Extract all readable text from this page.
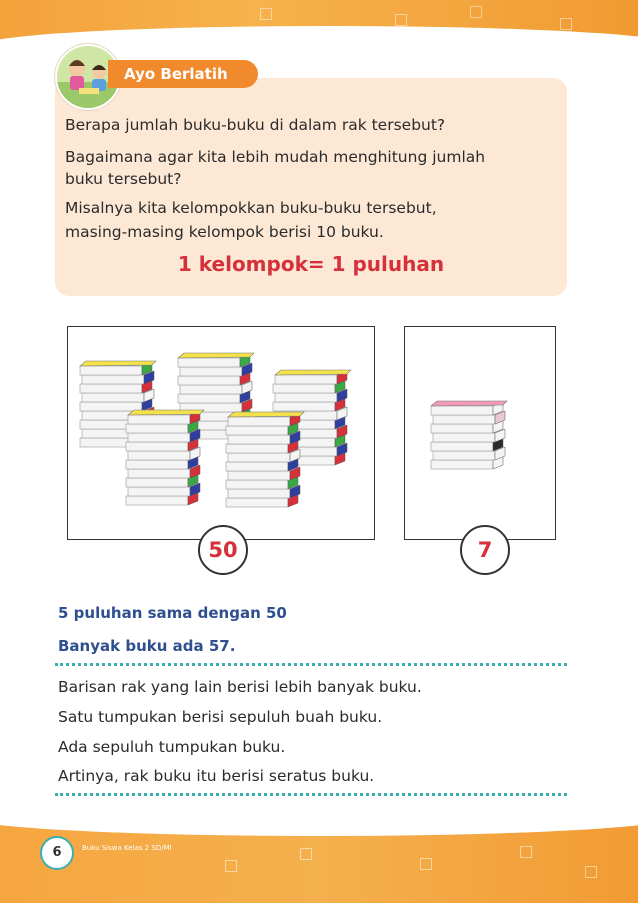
Ayo Berlatih

Berapa jumlah buku-buku di dalam rak tersebut?

Bagaimana agar kita lebih mudah menghitung jumlah

buku tersebut?

Misalnya kita kelompokkan buku-buku tersebut,

masing-masing kelompok berisi 10 buku.

1 kelompok= 1 puluhan
50	7
5 puluhan sama dengan 50
Banyak buku ada 57.
Barisan rak yang lain berisi lebih banyak buku.
Satu tumpukan berisi sepuluh buah buku.
Ada sepuluh tumpukan buku.
Artinya, rak buku itu berisi seratus buku.
6	Buku Siswa Kelas 2 SD/MI
